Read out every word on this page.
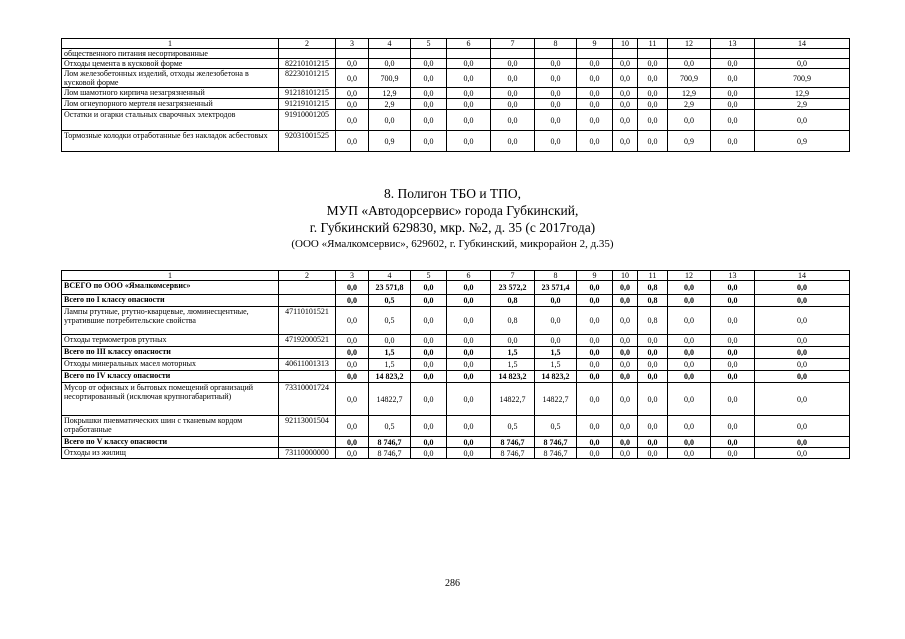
1	2	3	4	5	6	7	8	9	10	11	12	13	14
общественного питания несортированные													
Отходы цемента в кусковой форме	82210101215	0,0	0,0	0,0	0,0	0,0	0,0	0,0	0,0	0,0	0,0	0,0	0,0
Лом железобетонных изделий, отходы железобетона в кусковой форме	82230101215	0,0	700,9	0,0	0,0	0,0	0,0	0,0	0,0	0,0	700,9	0,0	700,9
Лом шамотного кирпича незагрязненный	91218101215	0,0	12,9	0,0	0,0	0,0	0,0	0,0	0,0	0,0	12,9	0,0	12,9
Лом огнеупорного мертеля незагрязненный	91219101215	0,0	2,9	0,0	0,0	0,0	0,0	0,0	0,0	0,0	2,9	0,0	2,9
Остатки и огарки стальных сварочных электродов	91910001205	0,0	0,0	0,0	0,0	0,0	0,0	0,0	0,0	0,0	0,0	0,0	0,0
Тормозные колодки отработанные без накладок асбестовых	92031001525	0,0	0,9	0,0	0,0	0,0	0,0	0,0	0,0	0,0	0,9	0,0	0,9
8. Полигон ТБО и ТПО,
МУП «Автодорсервис» города Губкинский,
г. Губкинский 629830, мкр. №2, д. 35 (с 2017года)
(ООО «Ямалкомсервис», 629602, г. Губкинский, микрорайон 2, д.35)
1	2	3	4	5	6	7	8	9	10	11	12	13	14
ВСЕГО по ООО «Ямалкомсервис»		0,0	23 571,8	0,0	0,0	23 572,2	23 571,4	0,0	0,0	0,8	0,0	0,0	0,0
Всего по I классу опасности		0,0	0,5	0,0	0,0	0,8	0,0	0,0	0,0	0,8	0,0	0,0	0,0
Лампы ртутные, ртутно-кварцевые, люминесцентные, утратившие потребительские свойства	47110101521	0,0	0,5	0,0	0,0	0,8	0,0	0,0	0,0	0,8	0,0	0,0	0,0
Отходы термометров ртутных	47192000521	0,0	0,0	0,0	0,0	0,0	0,0	0,0	0,0	0,0	0,0	0,0	0,0
Всего по III классу опасности		0,0	1,5	0,0	0,0	1,5	1,5	0,0	0,0	0,0	0,0	0,0	0,0
Отходы минеральных масел моторных	40611001313	0,0	1,5	0,0	0,0	1,5	1,5	0,0	0,0	0,0	0,0	0,0	0,0
Всего по IV классу опасности		0,0	14 823,2	0,0	0,0	14 823,2	14 823,2	0,0	0,0	0,0	0,0	0,0	0,0
Мусор от офисных и бытовых помещений организаций несортированный (исключая крупногабаритный)	73310001724	0,0	14822,7	0,0	0,0	14822,7	14822,7	0,0	0,0	0,0	0,0	0,0	0,0
Покрышки пневматических шин с тканевым кордом отработанные	92113001504	0,0	0,5	0,0	0,0	0,5	0,5	0,0	0,0	0,0	0,0	0,0	0,0
Всего по V классу опасности		0,0	8 746,7	0,0	0,0	8 746,7	8 746,7	0,0	0,0	0,0	0,0	0,0	0,0
Отходы из жилищ	73110000000	0,0	8 746,7	0,0	0,0	8 746,7	8 746,7	0,0	0,0	0,0	0,0	0,0	0,0
286
